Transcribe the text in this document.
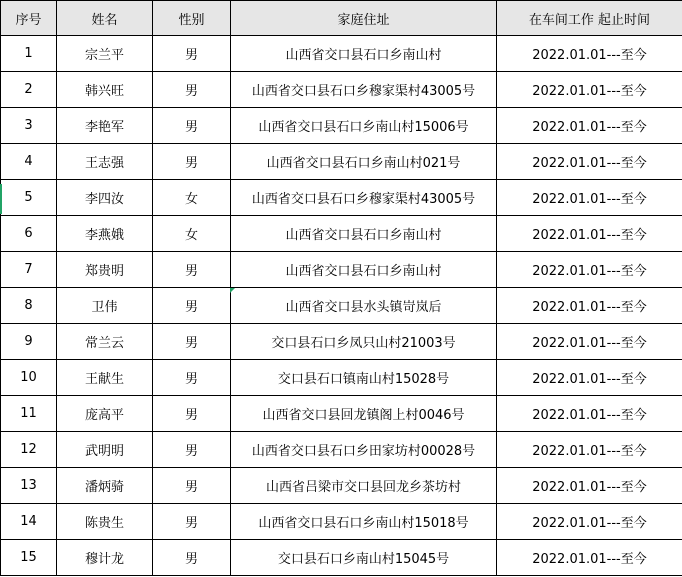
序号	姓名	性别	家庭住址	在车间工作 起止时间
1	宗兰平	男	山西省交口县石口乡南山村	2022.01.01---至今
2	韩兴旺	男	山西省交口县石口乡穆家渠村43005号	2022.01.01---至今
3	李艳军	男	山西省交口县石口乡南山村15006号	2022.01.01---至今
4	王志强	男	山西省交口县石口乡南山村021号	2022.01.01---至今
5	李四汝	女	山西省交口县石口乡穆家渠村43005号	2022.01.01---至今
6	李燕娥	女	山西省交口县石口乡南山村	2022.01.01---至今
7	郑贵明	男	山西省交口县石口乡南山村	2022.01.01---至今
8	卫伟	男	山西省交口县水头镇岢岚后	2022.01.01---至今
9	常兰云	男	交口县石口乡凤只山村21003号	2022.01.01---至今
10	王献生	男	交口县石口镇南山村15028号	2022.01.01---至今
11	庞高平	男	山西省交口县回龙镇阁上村0046号	2022.01.01---至今
12	武明明	男	山西省交口县石口乡田家坊村00028号	2022.01.01---至今
13	潘炳骑	男	山西省吕梁市交口县回龙乡茶坊村	2022.01.01---至今
14	陈贵生	男	山西省交口县石口乡南山村15018号	2022.01.01---至今
15	穆计龙	男	交口县石口乡南山村15045号	2022.01.01---至今
